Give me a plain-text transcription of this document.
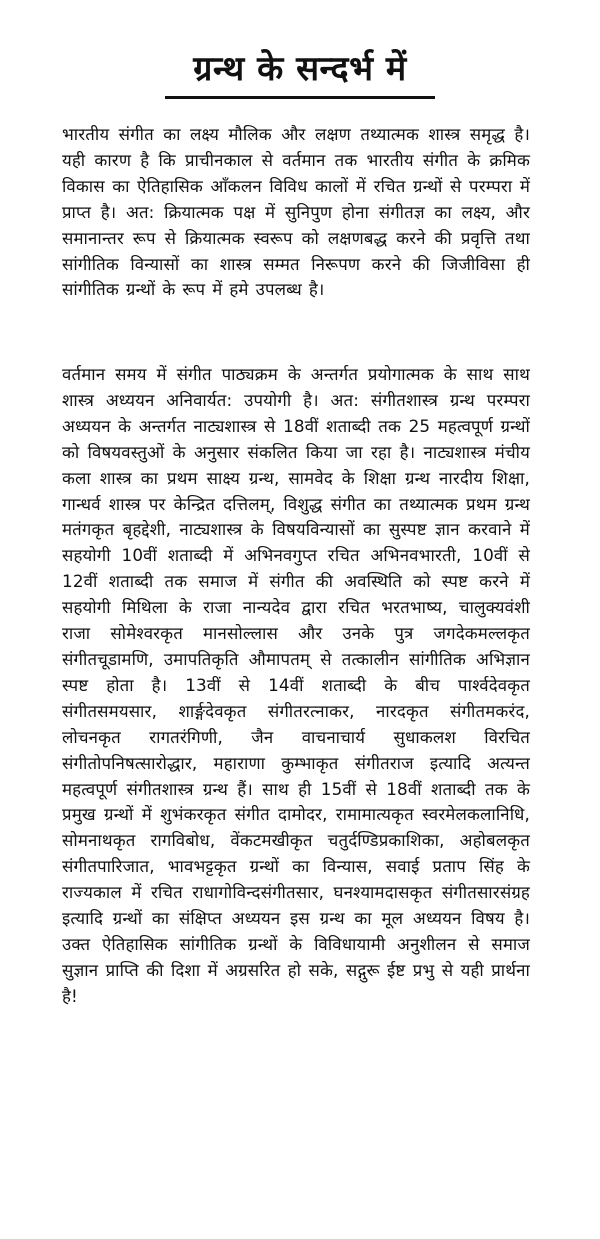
ग्रन्थ के सन्दर्भ में

भारतीय संगीत का लक्ष्य मौलिक और लक्षण तथ्यात्मक शास्त्र समृद्ध है। यही कारण है कि प्राचीनकाल से वर्तमान तक भारतीय संगीत के क्रमिक विकास का ऐतिहासिक आँकलन विविध कालों में रचित ग्रन्थों से परम्परा में प्राप्त है। अत: क्रियात्मक पक्ष में सुनिपुण होना संगीतज्ञ का लक्ष्य, और समानान्तर रूप से क्रियात्मक स्वरूप को लक्षणबद्ध करने की प्रवृत्ति तथा सांगीतिक विन्यासों का शास्त्र सम्मत निरूपण करने की जिजीविसा ही सांगीतिक ग्रन्थों के रूप में हमे उपलब्ध है।

वर्तमान समय में संगीत पाठ्यक्रम के अन्तर्गत प्रयोगात्मक के साथ साथ शास्त्र अध्ययन अनिवार्यत: उपयोगी है। अत: संगीतशास्त्र ग्रन्थ परम्परा अध्ययन के अन्तर्गत नाट्यशास्त्र से 18वीं शताब्दी तक 25 महत्वपूर्ण ग्रन्थों को विषयवस्तुओं के अनुसार संकलित किया जा रहा है। नाट्यशास्त्र मंचीय कला शास्त्र का प्रथम साक्ष्य ग्रन्थ, सामवेद के शिक्षा ग्रन्थ नारदीय शिक्षा, गान्धर्व शास्त्र पर केन्द्रित दत्तिलम्, विशुद्ध संगीत का तथ्यात्मक प्रथम ग्रन्थ मतंगकृत बृहद्देशी, नाट्यशास्त्र के विषयविन्यासों का सुस्पष्ट ज्ञान करवाने में सहयोगी 10वीं शताब्दी में अभिनवगुप्त रचित अभिनवभारती, 10वीं से 12वीं शताब्दी तक समाज में संगीत की अवस्थिति को स्पष्ट करने में सहयोगी मिथिला के राजा नान्यदेव द्वारा रचित भरतभाष्य, चालुक्यवंशी राजा सोमेश्वरकृत मानसोल्लास और उनके पुत्र जगदेकमल्लकृत संगीतचूडामणि, उमापतिकृति औमापतम् से तत्कालीन सांगीतिक अभिज्ञान स्पष्ट होता है। 13वीं से 14वीं शताब्दी के बीच पार्श्वदेवकृत संगीतसमयसार, शार्ङ्गदेवकृत संगीतरत्नाकर, नारदकृत संगीतमकरंद, लोचनकृत रागतरंगिणी, जैन वाचनाचार्य सुधाकलश विरचित संगीतोपनिषत्सारोद्धार, महाराणा कुम्भाकृत संगीतराज इत्यादि अत्यन्त महत्वपूर्ण संगीतशास्त्र ग्रन्थ हैं। साथ ही 15वीं से 18वीं शताब्दी तक के प्रमुख ग्रन्थों में शुभंकरकृत संगीत दामोदर, रामामात्यकृत स्वरमेलकलानिधि, सोमनाथकृत रागविबोध, वेंकटमखीकृत चतुर्दण्डिप्रकाशिका, अहोबलकृत संगीतपारिजात, भावभट्टकृत ग्रन्थों का विन्यास, सवाई प्रताप सिंह के राज्यकाल में रचित राधागोविन्दसंगीतसार, घनश्यामदासकृत संगीतसारसंग्रह इत्यादि ग्रन्थों का संक्षिप्त अध्ययन इस ग्रन्थ का मूल अध्ययन विषय है। उक्त ऐतिहासिक सांगीतिक ग्रन्थों के विविधायामी अनुशीलन से समाज सुज्ञान प्राप्ति की दिशा में अग्रसरित हो सके, सद्गुरू ईष्ट प्रभु से यही प्रार्थना है!
